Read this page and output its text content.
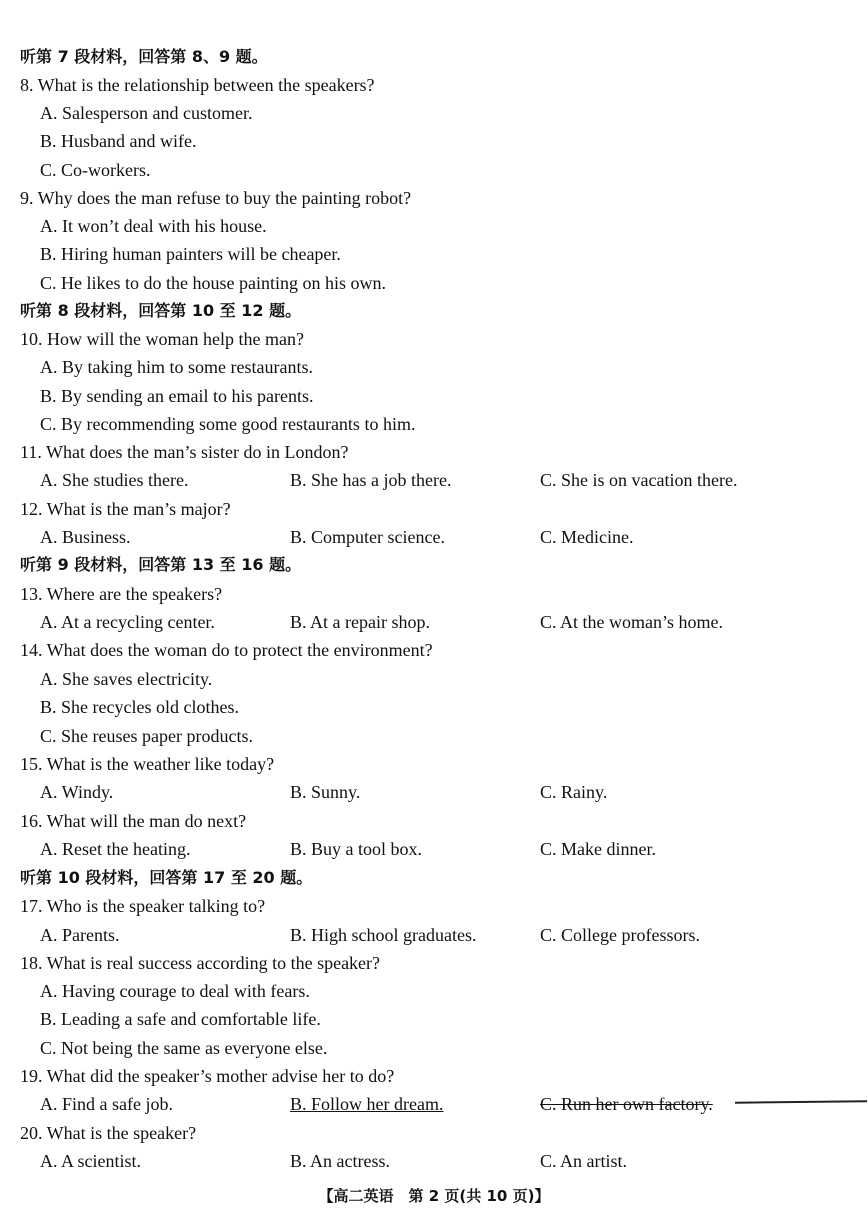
听第 7 段材料，回答第 8、9 题。
8. What is the relationship between the speakers?
A. Salesperson and customer.
B. Husband and wife.
C. Co-workers.
9. Why does the man refuse to buy the painting robot?
A. It won’t deal with his house.
B. Hiring human painters will be cheaper.
C. He likes to do the house painting on his own.
听第 8 段材料，回答第 10 至 12 题。
10. How will the woman help the man?
A. By taking him to some restaurants.
B. By sending an email to his parents.
C. By recommending some good restaurants to him.
11. What does the man’s sister do in London?
A. She studies there.	B. She has a job there.	C. She is on vacation there.
12. What is the man’s major?
A. Business.	B. Computer science.	C. Medicine.
听第 9 段材料，回答第 13 至 16 题。
13. Where are the speakers?
A. At a recycling center.	B. At a repair shop.	C. At the woman’s home.
14. What does the woman do to protect the environment?
A. She saves electricity.
B. She recycles old clothes.
C. She reuses paper products.
15. What is the weather like today?
A. Windy.	B. Sunny.	C. Rainy.
16. What will the man do next?
A. Reset the heating.	B. Buy a tool box.	C. Make dinner.
听第 10 段材料，回答第 17 至 20 题。
17. Who is the speaker talking to?
A. Parents.	B. High school graduates.	C. College professors.
18. What is real success according to the speaker?
A. Having courage to deal with fears.
B. Leading a safe and comfortable life.
C. Not being the same as everyone else.
19. What did the speaker’s mother advise her to do?
A. Find a safe job.	B. Follow her dream.	C. Run her own factory.
20. What is the speaker?
A. A scientist.	B. An actress.	C. An artist.
【高二英语　第 2 页(共 10 页)】
